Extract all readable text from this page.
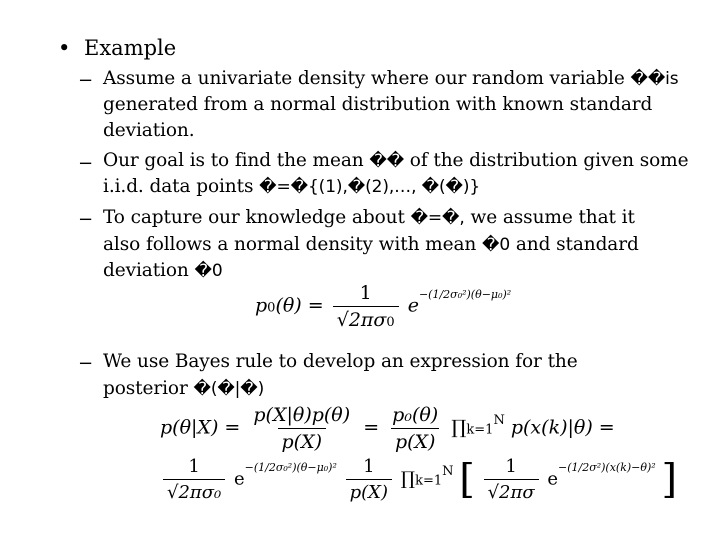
• Example
− Assume a univariate density where our random variable ��is
generated from a normal distribution with known standard
deviation.
− Our goal is to find the mean �� of the distribution given some
i.i.d. data points �=�{(1),�(2),…, �(�)}
− To capture our knowledge about �=�, we assume that it
also follows a normal density with mean �0 and standard
deviation �0
$p0(\theta) = \frac{1}{√2\pi\sigma 0} e^{-(1/2\sigma_0^2)(\theta-\mu_0)^2}$
− We use Bayes rule to develop an expression for the
posterior �(�|�)
$p(\theta|X) = \frac{p(X|\theta)p(\theta)}{p(X)} = \frac{\text{p₀(θ)}}{p(X)}$ $\prod k=1^N$ p(x(k)|θ) =
$\frac{1}{\text{√2πσ₀}} e^{-(1/2\sigma_0^2)(\theta-\mu_0)^2} \frac{1}{p(X)}$ $\prod k=1^N$ [ $\frac{1}{√2\pi\sigma} e^{-(1/2\sigma^2)(x(k)-\theta)^2}$ ]
